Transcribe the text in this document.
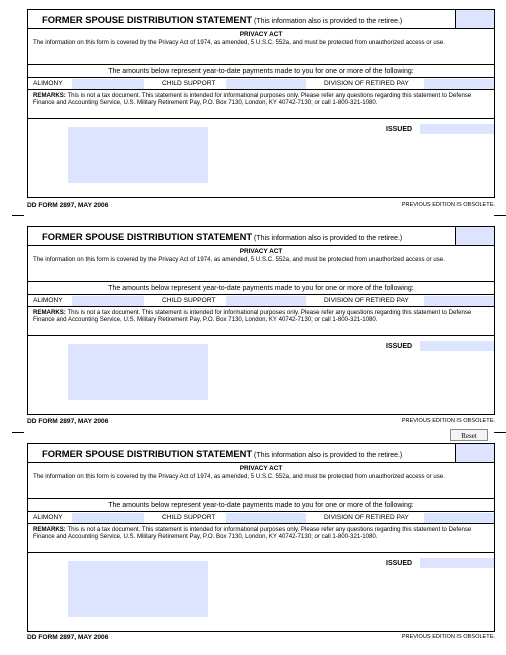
FORMER SPOUSE DISTRIBUTION STATEMENT (This information also is provided to the retiree.)
PRIVACY ACT
The information on this form is covered by the Privacy Act of 1974, as amended, 5 U.S.C. 552a, and must be protected from unauthorized access or use.
The amounts below represent year-to-date payments made to you for one or more of the following:
ALIMONY	CHILD SUPPORT	DIVISION OF RETIRED PAY
REMARKS: This is not a tax document. This statement is intended for informational purposes only. Please refer any questions regarding this statement to Defense Finance and Accounting Service, U.S. Military Retirement Pay, P.O. Box 7130, London, KY 40742-7130; or call 1-800-321-1080.
ISSUED
DD FORM 2897, MAY 2006	PREVIOUS EDITION IS OBSOLETE.
FORMER SPOUSE DISTRIBUTION STATEMENT (This information also is provided to the retiree.)
PRIVACY ACT
The information on this form is covered by the Privacy Act of 1974, as amended, 5 U.S.C. 552a, and must be protected from unauthorized access or use.
The amounts below represent year-to-date payments made to you for one or more of the following:
ALIMONY	CHILD SUPPORT	DIVISION OF RETIRED PAY
REMARKS: This is not a tax document. This statement is intended for informational purposes only. Please refer any questions regarding this statement to Defense Finance and Accounting Service, U.S. Military Retirement Pay, P.O. Box 7130, London, KY 40742-7130; or call 1-800-321-1080.
ISSUED
DD FORM 2897, MAY 2006	PREVIOUS EDITION IS OBSOLETE.
Reset
FORMER SPOUSE DISTRIBUTION STATEMENT (This information also is provided to the retiree.)
PRIVACY ACT
The information on this form is covered by the Privacy Act of 1974, as amended, 5 U.S.C. 552a, and must be protected from unauthorized access or use.
The amounts below represent year-to-date payments made to you for one or more of the following:
ALIMONY	CHILD SUPPORT	DIVISION OF RETIRED PAY
REMARKS: This is not a tax document. This statement is intended for informational purposes only. Please refer any questions regarding this statement to Defense Finance and Accounting Service, U.S. Military Retirement Pay, P.O. Box 7130, London, KY 40742-7130; or call 1-800-321-1080.
ISSUED
DD FORM 2897, MAY 2006	PREVIOUS EDITION IS OBSOLETE.
